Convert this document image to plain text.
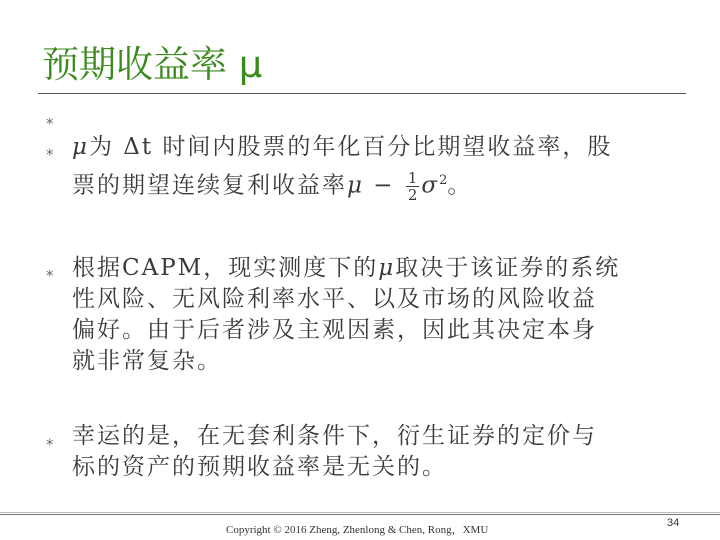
预期收益率 μ
⁎
⁎ μ为 Δt 时间内股票的年化百分比期望收益率，股
票的期望连续复利收益率$\mu - \frac{1}{2} \sigma^2$。
⁎ 根据CAPM，现实测度下的μ取决于该证券的系统
性风险、无风险利率水平、以及市场的风险收益
偏好。由于后者涉及主观因素，因此其决定本身
就非常复杂。
⁎ 幸运的是，在无套利条件下，衍生证券的定价与
标的资产的预期收益率是无关的。
Copyright © 2016 Zheng, Zhenlong & Chen, Rong，XMU
34
